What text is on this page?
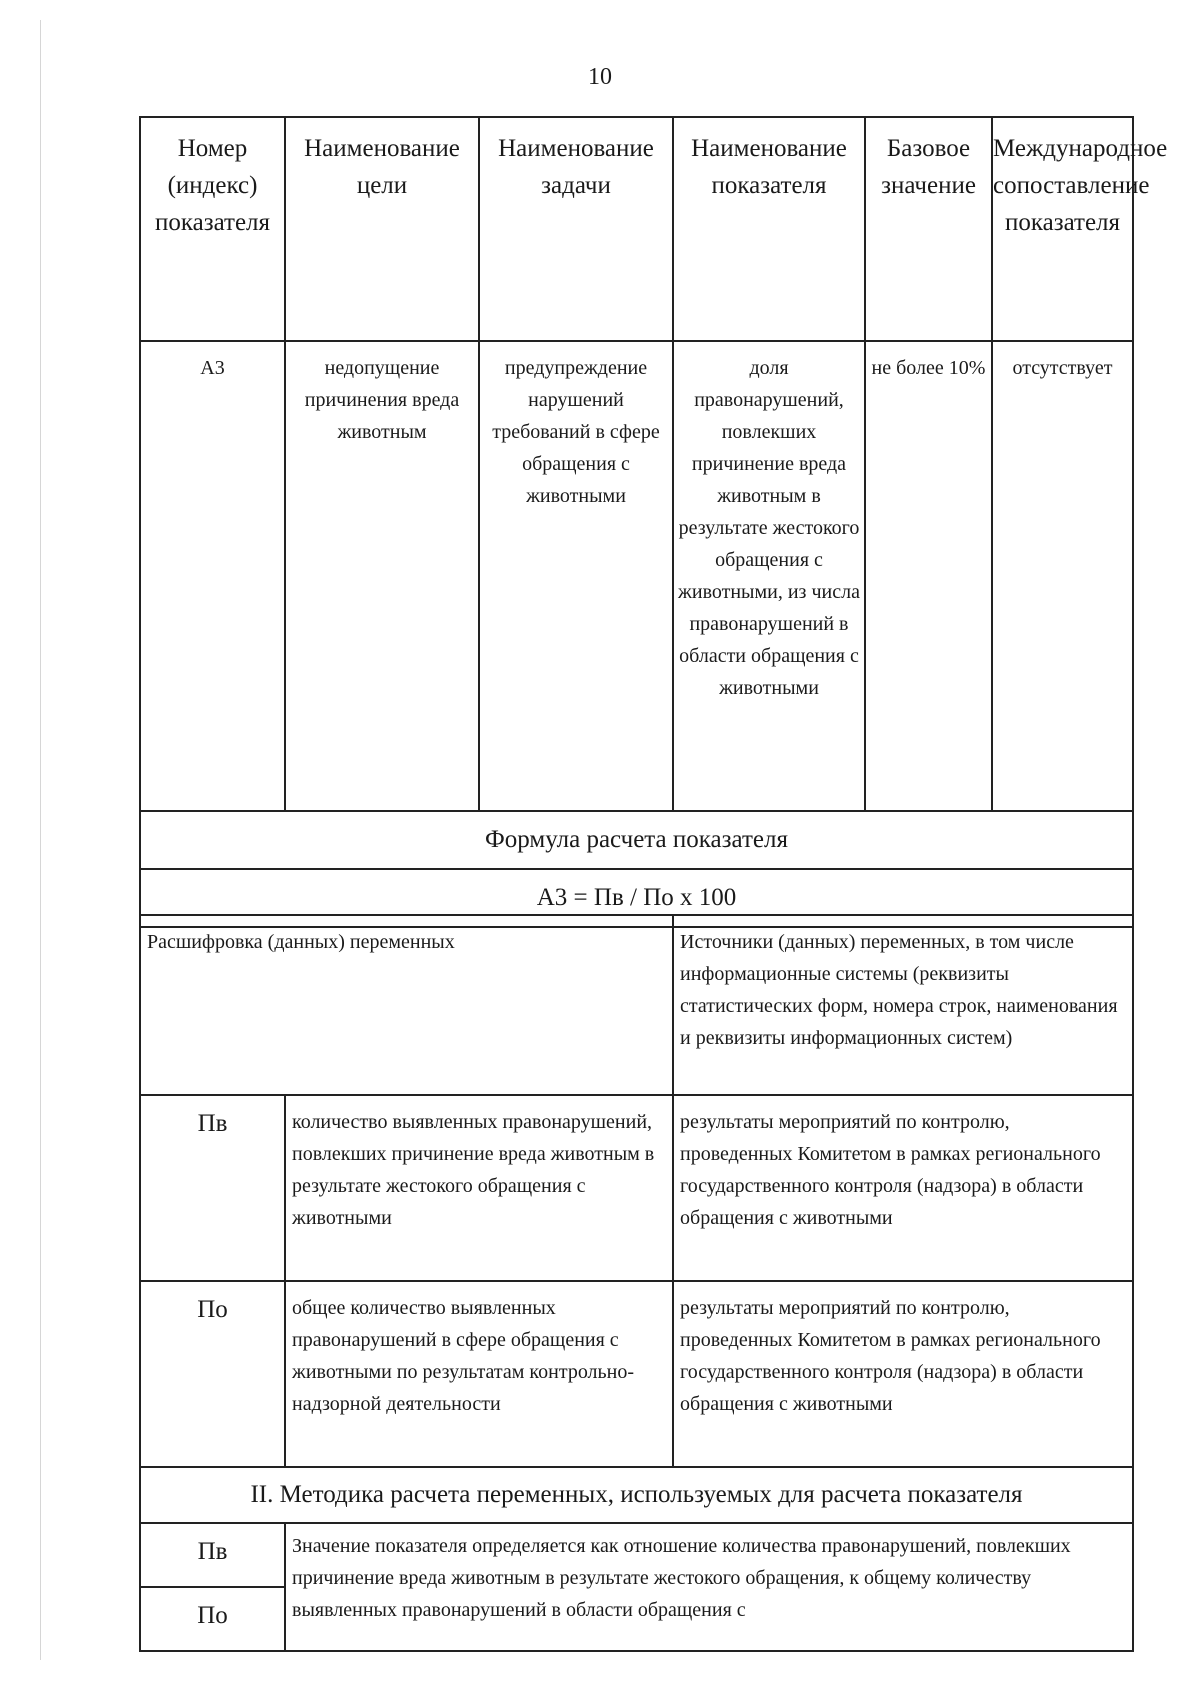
10
Номер (индекс) показателя	Наименование цели	Наименование задачи	Наименование показателя	Базовое значение	Международное сопоставление показателя
А3	недопущение причинения вреда животным	предупреждение нарушений требований в сфере обращения с животными	доля правонарушений, повлекших причинение вреда животным в результате жестокого обращения с животными, из числа правонарушений в области обращения с животными	не более 10%	отсутствует
Формула расчета показателя					
А3 = Пв / По х 100					
Расшифровка (данных) переменных		Источники (данных) переменных, в том числе информационные системы (реквизиты статистических форм, номера строк, наименования и реквизиты информационных систем)
Пв	количество выявленных правонарушений, повлекших причинение вреда животным в результате жестокого обращения с животными	результаты мероприятий по контролю, проведенных Комитетом в рамках регионального государственного контроля (надзора) в области обращения с животными
По	общее количество выявленных правонарушений в сфере обращения с животными по результатам контрольно-надзорной деятельности	результаты мероприятий по контролю, проведенных Комитетом в рамках регионального государственного контроля (надзора) в области обращения с животными
II. Методика расчета переменных, используемых для расчета показателя		
Пв	Значение показателя определяется как отношение количества правонарушений, повлекших причинение вреда животным в результате жестокого обращения, к общему количеству выявленных правонарушений в области обращения с	
По		
